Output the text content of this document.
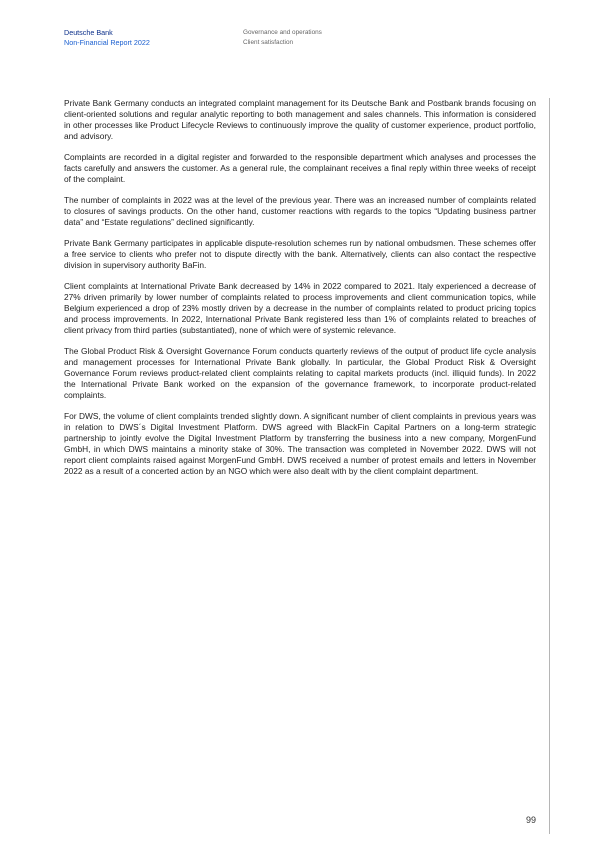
Deutsche Bank
Non-Financial Report 2022
Governance and operations
Client satisfaction

Private Bank Germany conducts an integrated complaint management for its Deutsche Bank and Postbank brands focusing on client-oriented solutions and regular analytic reporting to both management and sales channels. This information is considered in other processes like Product Lifecycle Reviews to continuously improve the quality of customer experience, product portfolio, and advisory.

Complaints are recorded in a digital register and forwarded to the responsible department which analyses and processes the facts carefully and answers the customer. As a general rule, the complainant receives a final reply within three weeks of receipt of the complaint.

The number of complaints in 2022 was at the level of the previous year. There was an increased number of complaints related to closures of savings products. On the other hand, customer reactions with regards to the topics “Updating business partner data” and “Estate regulations” declined significantly.

Private Bank Germany participates in applicable dispute-resolution schemes run by national ombudsmen. These schemes offer a free service to clients who prefer not to dispute directly with the bank. Alternatively, clients can also contact the respective division in supervisory authority BaFin.

Client complaints at International Private Bank decreased by 14% in 2022 compared to 2021. Italy experienced a decrease of 27% driven primarily by lower number of complaints related to process improvements and client communication topics, while Belgium experienced a drop of 23% mostly driven by a decrease in the number of complaints related to product pricing topics and process improvements. In 2022, International Private Bank registered less than 1% of complaints related to breaches of client privacy from third parties (substantiated), none of which were of systemic relevance.

The Global Product Risk & Oversight Governance Forum conducts quarterly reviews of the output of product life cycle analysis and management processes for International Private Bank globally. In particular, the Global Product Risk & Oversight Governance Forum reviews product-related client complaints relating to capital markets products (incl. illiquid funds). In 2022 the International Private Bank worked on the expansion of the governance framework, to incorporate product-related complaints.

For DWS, the volume of client complaints trended slightly down. A significant number of client complaints in previous years was in relation to DWS´s Digital Investment Platform. DWS agreed with BlackFin Capital Partners on a long-term strategic partnership to jointly evolve the Digital Investment Platform by transferring the business into a new company, MorgenFund GmbH, in which DWS maintains a minority stake of 30%. The transaction was completed in November 2022. DWS will not report client complaints raised against MorgenFund GmbH. DWS received a number of protest emails and letters in November 2022 as a result of a concerted action by an NGO which were also dealt with by the client complaint department.

99
